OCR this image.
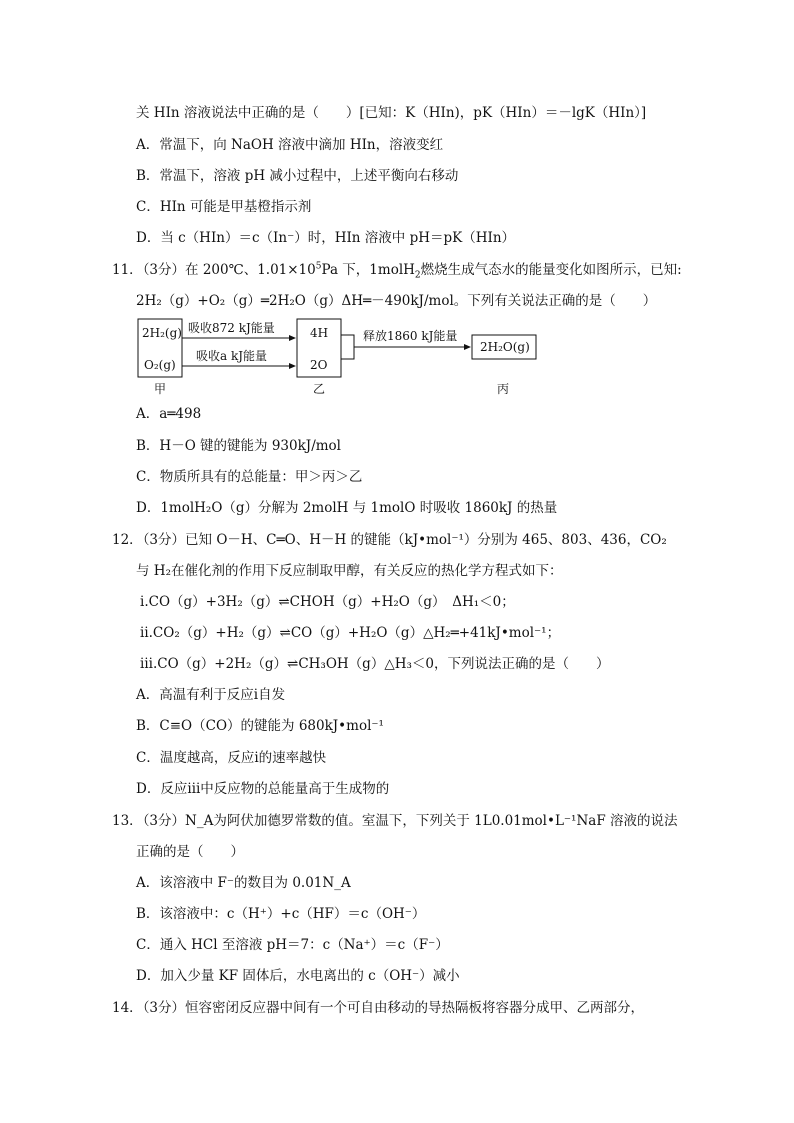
关 HIn 溶液说法中正确的是（　　）[已知：K（HIn)，pK（HIn）＝－lgK（HIn）]
A．常温下，向 NaOH 溶液中滴加 HIn，溶液变红
B．常温下，溶液 pH 减小过程中，上述平衡向右移动
C．HIn 可能是甲基橙指示剂
D．当 c（HIn）＝c（In⁻）时，HIn 溶液中 pH＝pK（HIn）
11．（3分）在 200℃、$1.01\times 10^5Pa$ 下，1molH$_2$燃烧生成气态水的能量变化如图所示，已知:
2H₂（g）+O₂（g）═2H₂O（g）ΔH═－490kJ/mol。下列有关说法正确的是（　　）
2H₂(g)
O₂(g)
4H
2O
2H₂O(g)
吸收872 kJ能量
吸收a kJ能量
释放1860 kJ能量
甲	乙	丙
A．a═498
B．H－O 键的键能为 930kJ/mol
C．物质所具有的总能量：甲＞丙＞乙
D．1molH₂O（g）分解为 2molH 与 1molO 时吸收 1860kJ 的热量
12．（3分）已知 O－H、C═O、H－H 的键能（kJ•mol⁻¹）分别为 465、803、436，CO₂
与 H₂在催化剂的作用下反应制取甲醇，有关反应的热化学方程式如下：
ⅰ.CO（g）+3H₂（g）⇌CHOH（g）+H₂O（g）　ΔH₁＜0；
ⅱ.CO₂（g）+H₂（g）⇌CO（g）+H₂O（g）△H₂═+41kJ•mol⁻¹；
ⅲ.CO（g）+2H₂（g）⇌CH₃OH（g）△H₃＜0，下列说法正确的是（　　）
A．高温有利于反应ⅰ自发
B．C≡O（CO）的键能为 680kJ•mol⁻¹
C．温度越高，反应ⅰ的速率越快
D．反应ⅲ中反应物的总能量高于生成物的
13．（3分）N_A为阿伏加德罗常数的值。室温下，下列关于 1L0.01mol•L⁻¹NaF 溶液的说法
正确的是（　　）
A．该溶液中 F⁻的数目为 0.01N_A
B．该溶液中：c（H⁺）+c（HF）＝c（OH⁻）
C．通入 HCl 至溶液 pH＝7：c（Na⁺）＝c（F⁻）
D．加入少量 KF 固体后，水电离出的 c（OH⁻）减小
14．（3分）恒容密闭反应器中间有一个可自由移动的导热隔板将容器分成甲、乙两部分，
